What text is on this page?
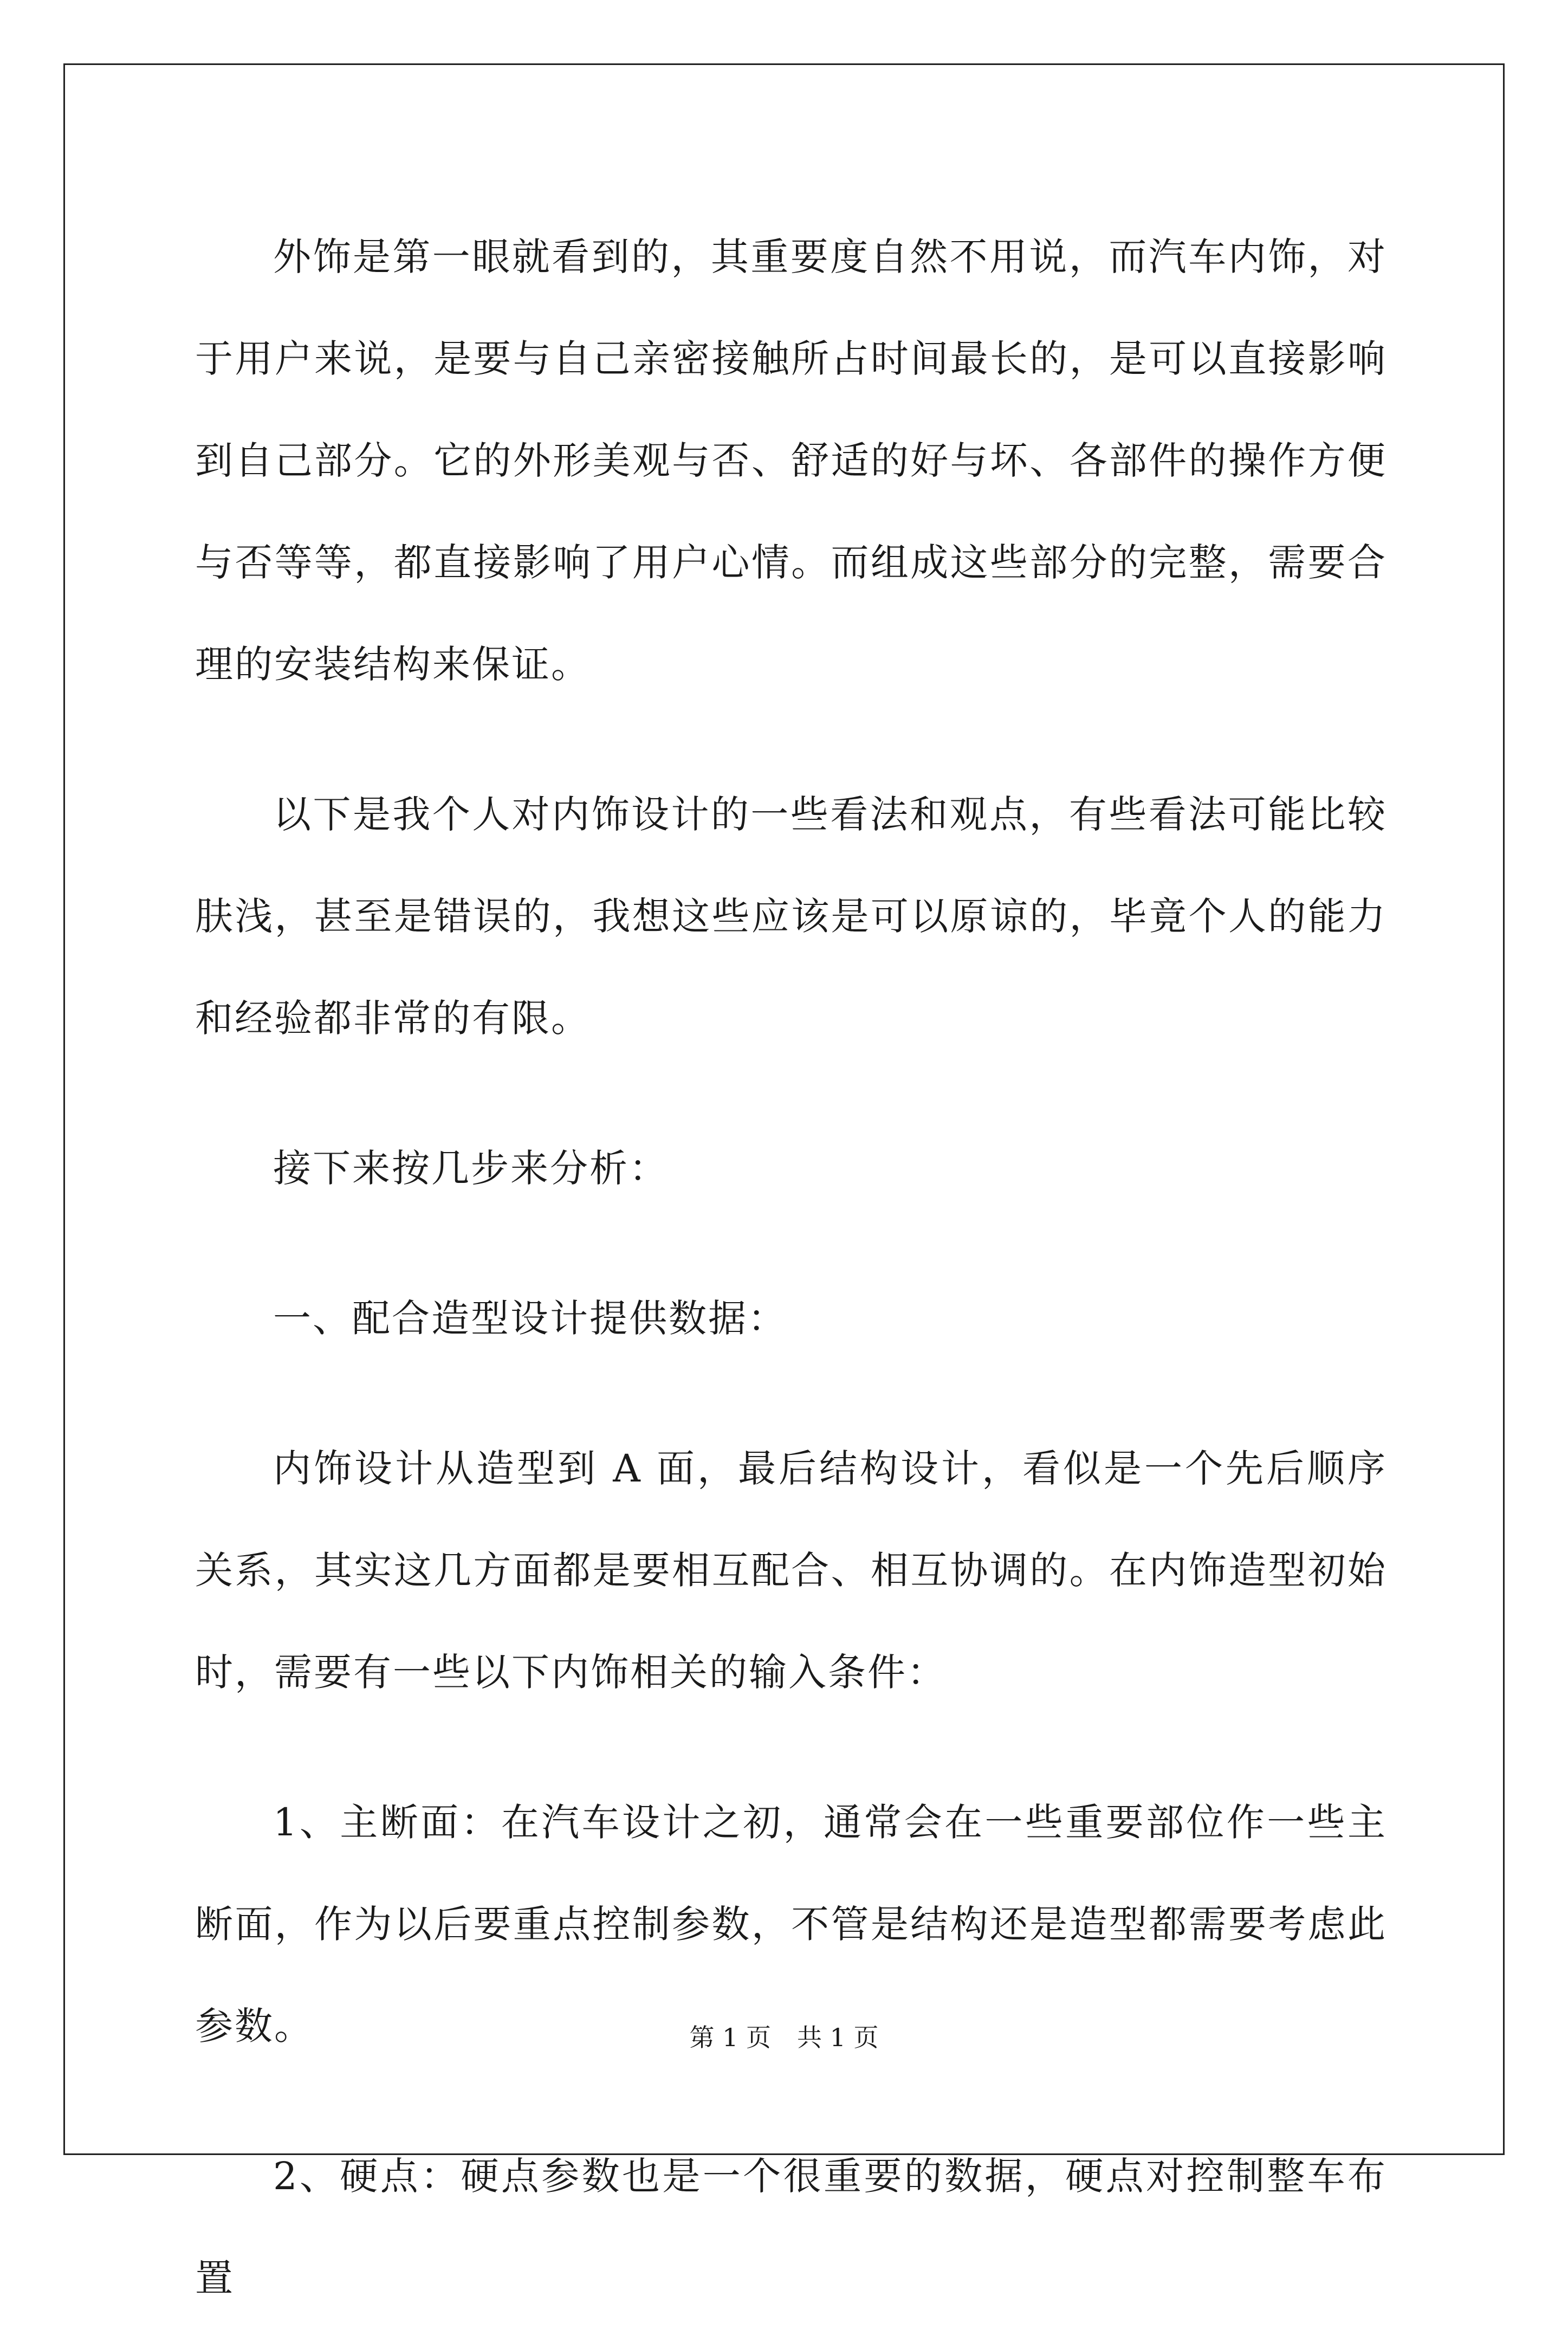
外饰是第一眼就看到的，其重要度自然不用说，而汽车内饰，对于用户来说，是要与自己亲密接触所占时间最长的，是可以直接影响到自己部分。它的外形美观与否、舒适的好与坏、各部件的操作方便与否等等，都直接影响了用户心情。而组成这些部分的完整，需要合理的安装结构来保证。

以下是我个人对内饰设计的一些看法和观点，有些看法可能比较肤浅，甚至是错误的，我想这些应该是可以原谅的，毕竟个人的能力和经验都非常的有限。

接下来按几步来分析：

一、配合造型设计提供数据：

内饰设计从造型到 A 面，最后结构设计，看似是一个先后顺序关系，其实这几方面都是要相互配合、相互协调的。在内饰造型初始时，需要有一些以下内饰相关的输入条件：

1、主断面：在汽车设计之初，通常会在一些重要部位作一些主断面，作为以后要重点控制参数，不管是结构还是造型都需要考虑此参数。

2、硬点：硬点参数也是一个很重要的数据，硬点对控制整车布置

第 1 页 共 1 页
